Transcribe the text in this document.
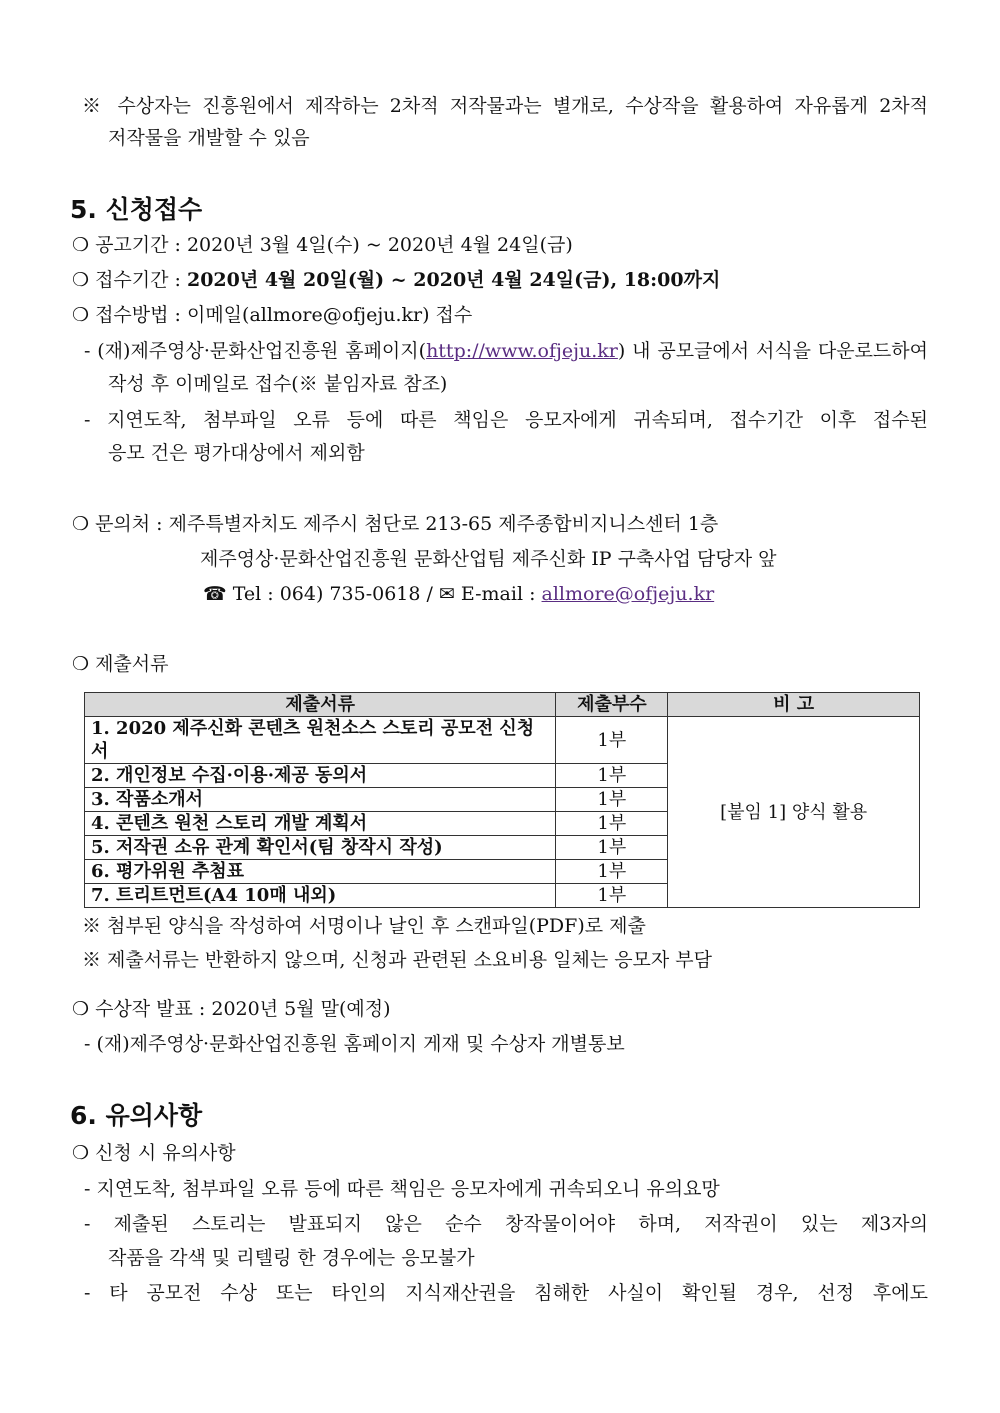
※ 수상자는 진흥원에서 제작하는 2차적 저작물과는 별개로, 수상작을 활용하여 자유롭게 2차적
저작물을 개발할 수 있음
5. 신청접수
❍ 공고기간 : 2020년 3월 4일(수) ~ 2020년 4월 24일(금)
❍ 접수기간 : 2020년 4월 20일(월) ~ 2020년 4월 24일(금), 18:00까지
❍ 접수방법 : 이메일(allmore@ofjeju.kr) 접수
- (재)제주영상·문화산업진흥원 홈페이지(http://www.ofjeju.kr) 내 공모글에서 서식을 다운로드하여
작성 후 이메일로 접수(※ 붙임자료 참조)
- 지연도착, 첨부파일 오류 등에 따른 책임은 응모자에게 귀속되며, 접수기간 이후 접수된
응모 건은 평가대상에서 제외함
❍ 문의처 : 제주특별자치도 제주시 첨단로 213-65 제주종합비지니스센터 1층
제주영상·문화산업진흥원 문화산업팀 제주신화 IP 구축사업 담당자 앞
☎ Tel : 064) 735-0618 / ✉ E-mail : allmore@ofjeju.kr
❍ 제출서류
제출서류	제출부수	비 고
1. 2020 제주신화 콘텐츠 원천소스 스토리 공모전 신청서	1부	[붙임 1] 양식 활용
2. 개인정보 수집·이용·제공 동의서	1부	
3. 작품소개서	1부	
4. 콘텐츠 원천 스토리 개발 계획서	1부	
5. 저작권 소유 관계 확인서(팀 창작시 작성)	1부	
6. 평가위원 추첨표	1부	
7. 트리트먼트(A4 10매 내외)	1부	
※ 첨부된 양식을 작성하여 서명이나 날인 후 스캔파일(PDF)로 제출
※ 제출서류는 반환하지 않으며, 신청과 관련된 소요비용 일체는 응모자 부담
❍ 수상작 발표 : 2020년 5월 말(예정)
- (재)제주영상·문화산업진흥원 홈페이지 게재 및 수상자 개별통보
6. 유의사항
❍ 신청 시 유의사항
- 지연도착, 첨부파일 오류 등에 따른 책임은 응모자에게 귀속되오니 유의요망
- 제출된 스토리는 발표되지 않은 순수 창작물이어야 하며, 저작권이 있는 제3자의
작품을 각색 및 리텔링 한 경우에는 응모불가
- 타 공모전 수상 또는 타인의 지식재산권을 침해한 사실이 확인될 경우, 선정 후에도
